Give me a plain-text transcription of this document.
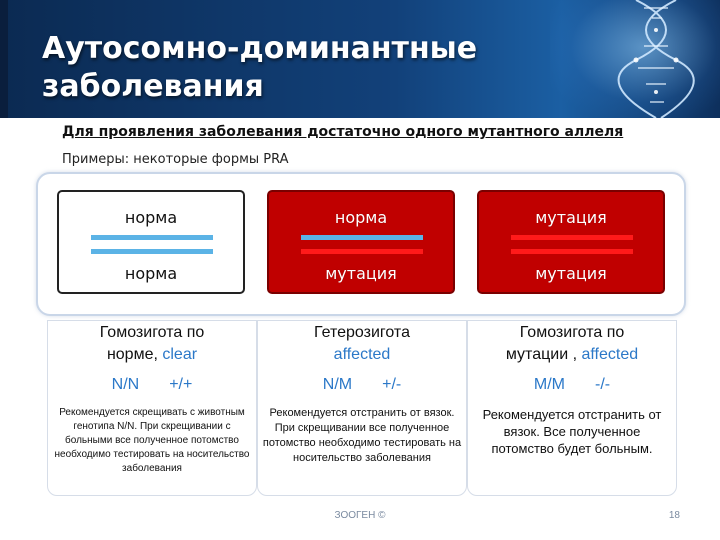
Аутосомно-доминантные
заболевания
Для проявления заболевания достаточно одного мутантного аллеля
Примеры: некоторые формы PRA
норма
норма
норма
мутация
мутация
мутация
Гомозигота по
норме, clear
N/N +/+
Рекомендуется скрещивать с животным генотипа N/N. При скрещивании с больными все полученное потомство необходимо тестировать на носительство заболевания
Гетерозигота
affected
N/M +/-
Рекомендуется отстранить от вязок. При скрещивании все полученное потомство необходимо тестировать на носительство заболевания
Гомозигота по
мутации , affected
M/M -/-
Рекомендуется отстранить от вязок. Все полученное потомство будет больным.
ЗООГЕН ©	18
